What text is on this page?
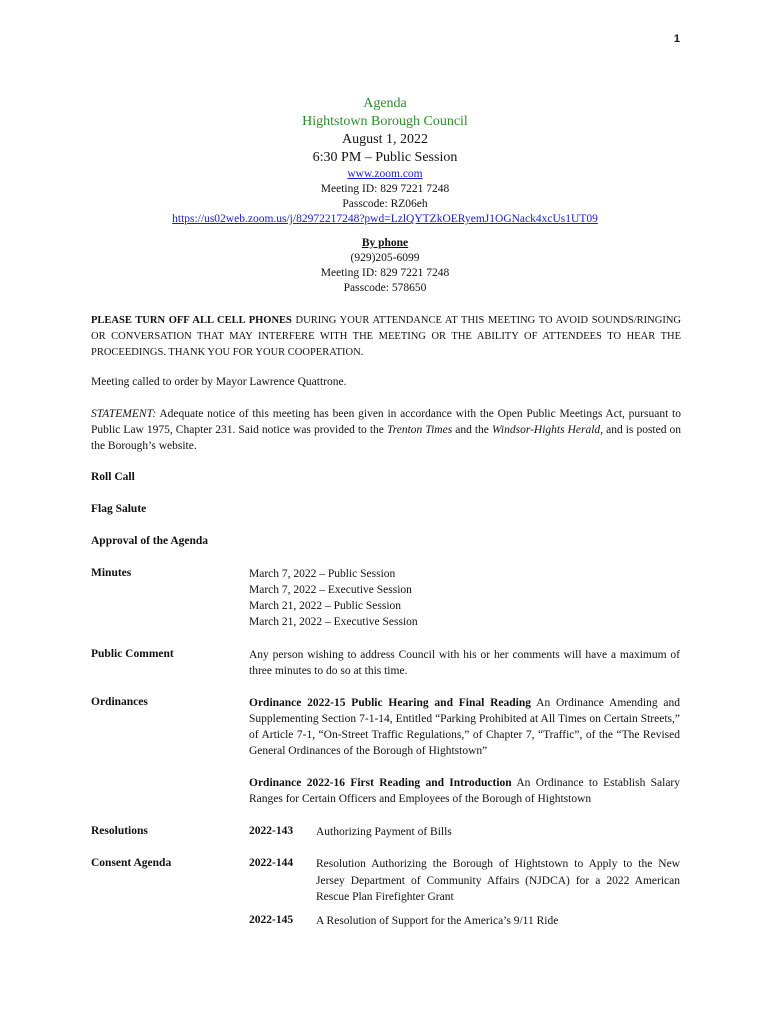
1
Agenda
Hightstown Borough Council
August 1, 2022
6:30 PM – Public Session
www.zoom.com
Meeting ID: 829 7221 7248
Passcode: RZ06eh
https://us02web.zoom.us/j/82972217248?pwd=LzlQYTZkOERyemJ1OGNack4xcUs1UT09
By phone
(929)205-6099
Meeting ID: 829 7221 7248
Passcode: 578650
PLEASE TURN OFF ALL CELL PHONES DURING YOUR ATTENDANCE AT THIS MEETING TO AVOID SOUNDS/RINGING OR CONVERSATION THAT MAY INTERFERE WITH THE MEETING OR THE ABILITY OF ATTENDEES TO HEAR THE PROCEEDINGS. THANK YOU FOR YOUR COOPERATION.
Meeting called to order by Mayor Lawrence Quattrone.
STATEMENT: Adequate notice of this meeting has been given in accordance with the Open Public Meetings Act, pursuant to Public Law 1975, Chapter 231. Said notice was provided to the Trenton Times and the Windsor-Hights Herald, and is posted on the Borough’s website.
Roll Call
Flag Salute
Approval of the Agenda
Minutes	March 7, 2022 – Public Session
March 7, 2022 – Executive Session
March 21, 2022 – Public Session
March 21, 2022 – Executive Session
Public Comment	Any person wishing to address Council with his or her comments will have a maximum of three minutes to do so at this time.
Ordinances	Ordinance 2022-15 Public Hearing and Final Reading An Ordinance Amending and Supplementing Section 7-1-14, Entitled “Parking Prohibited at All Times on Certain Streets,” of Article 7-1, “On-Street Traffic Regulations,” of Chapter 7, “Traffic”, of the “The Revised General Ordinances of the Borough of Hightstown”
Ordinance 2022-16 First Reading and Introduction An Ordinance to Establish Salary Ranges for Certain Officers and Employees of the Borough of Hightstown
Resolutions	2022-143 Authorizing Payment of Bills
Consent Agenda	2022-144 Resolution Authorizing the Borough of Hightstown to Apply to the New Jersey Department of Community Affairs (NJDCA) for a 2022 American Rescue Plan Firefighter Grant
2022-145 A Resolution of Support for the America’s 9/11 Ride
